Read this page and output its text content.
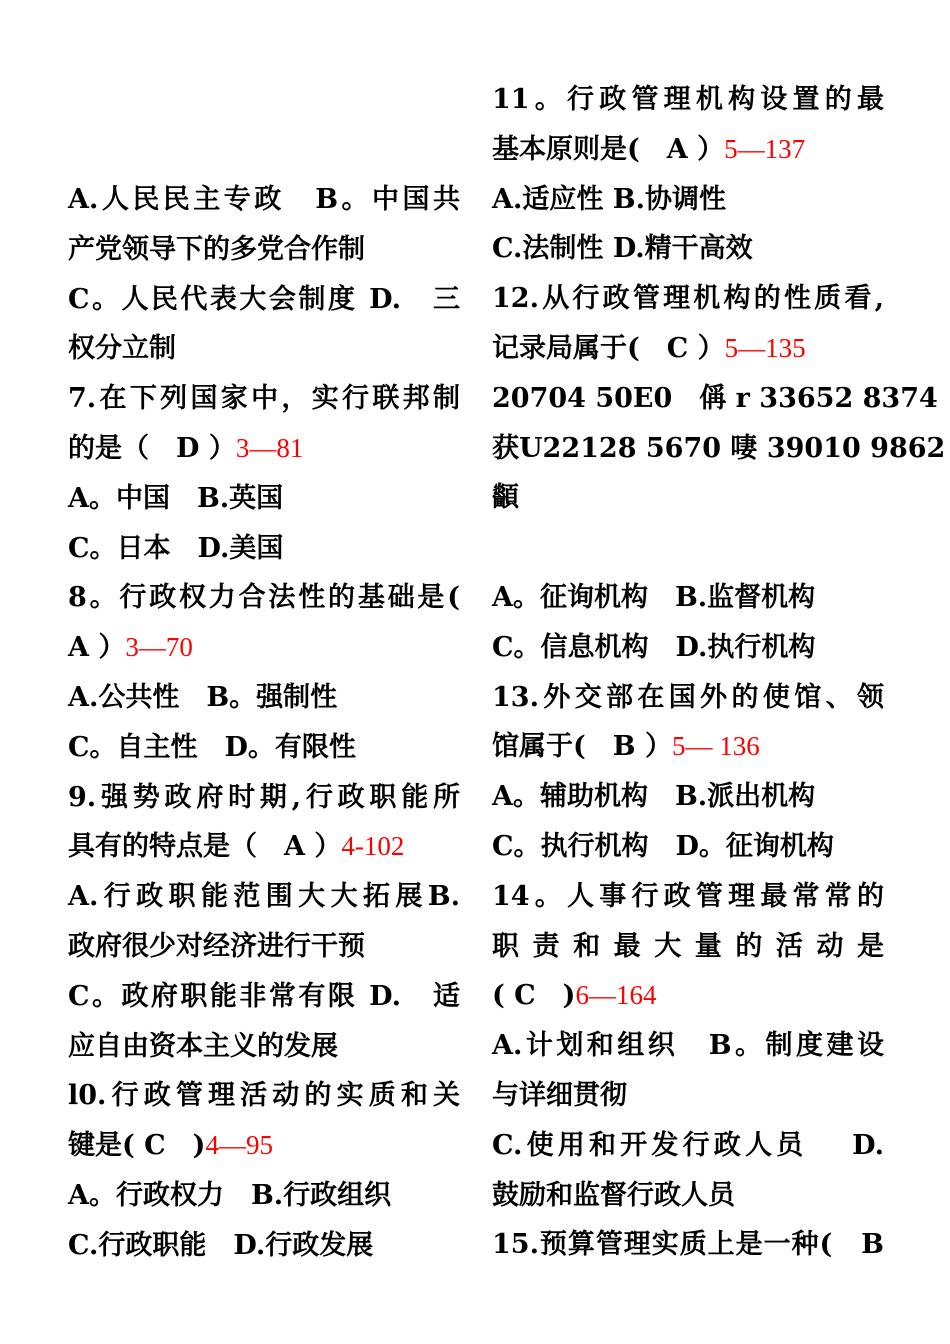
A.人民民主专政　B。中国共
产党领导下的多党合作制
C。人民代表大会制度 D.　三
权分立制
7.在下列国家中，实行联邦制
的是（　D ）3—81
A。中国　B.英国
C。日本　D.美国
8。行政权力合法性的基础是(
A ）3—70
A.公共性　B。强制性
C。自主性　D。有限性
9.强势政府时期,行政职能所
具有的特点是（　A ）4-102
A.行政职能范围大大拓展B.
政府很少对经济进行干预
C。政府职能非常有限 D.　适
应自由资本主义的发展
l0.行政管理活动的实质和关
键是( C　)4—95
A。行政权力　B.行政组织
C.行政职能　D.行政发展
11。行政管理机构设置的最
基本原则是(　A ）5—137
A.适应性 B.协调性
C.法制性 D.精干高效
12.从行政管理机构的性质看,
记录局属于(　C ）5—135
20704 50E0　偁 r 33652 8374
获U22128 5670 啛 39010 9862
顲
A。征询机构　B.监督机构
C。信息机构　D.执行机构
13.外交部在国外的使馆、领
馆属于(　B ）5— 136
A。辅助机构　B.派出机构
C。执行机构　D。征询机构
14。人事行政管理最常常的
职责和最大量的活动是
( C　)6—164
A.计划和组织　B。制度建设
与详细贯彻
C.使用和开发行政人员　 D.
鼓励和监督行政人员
15.预算管理实质上是一种(　B
